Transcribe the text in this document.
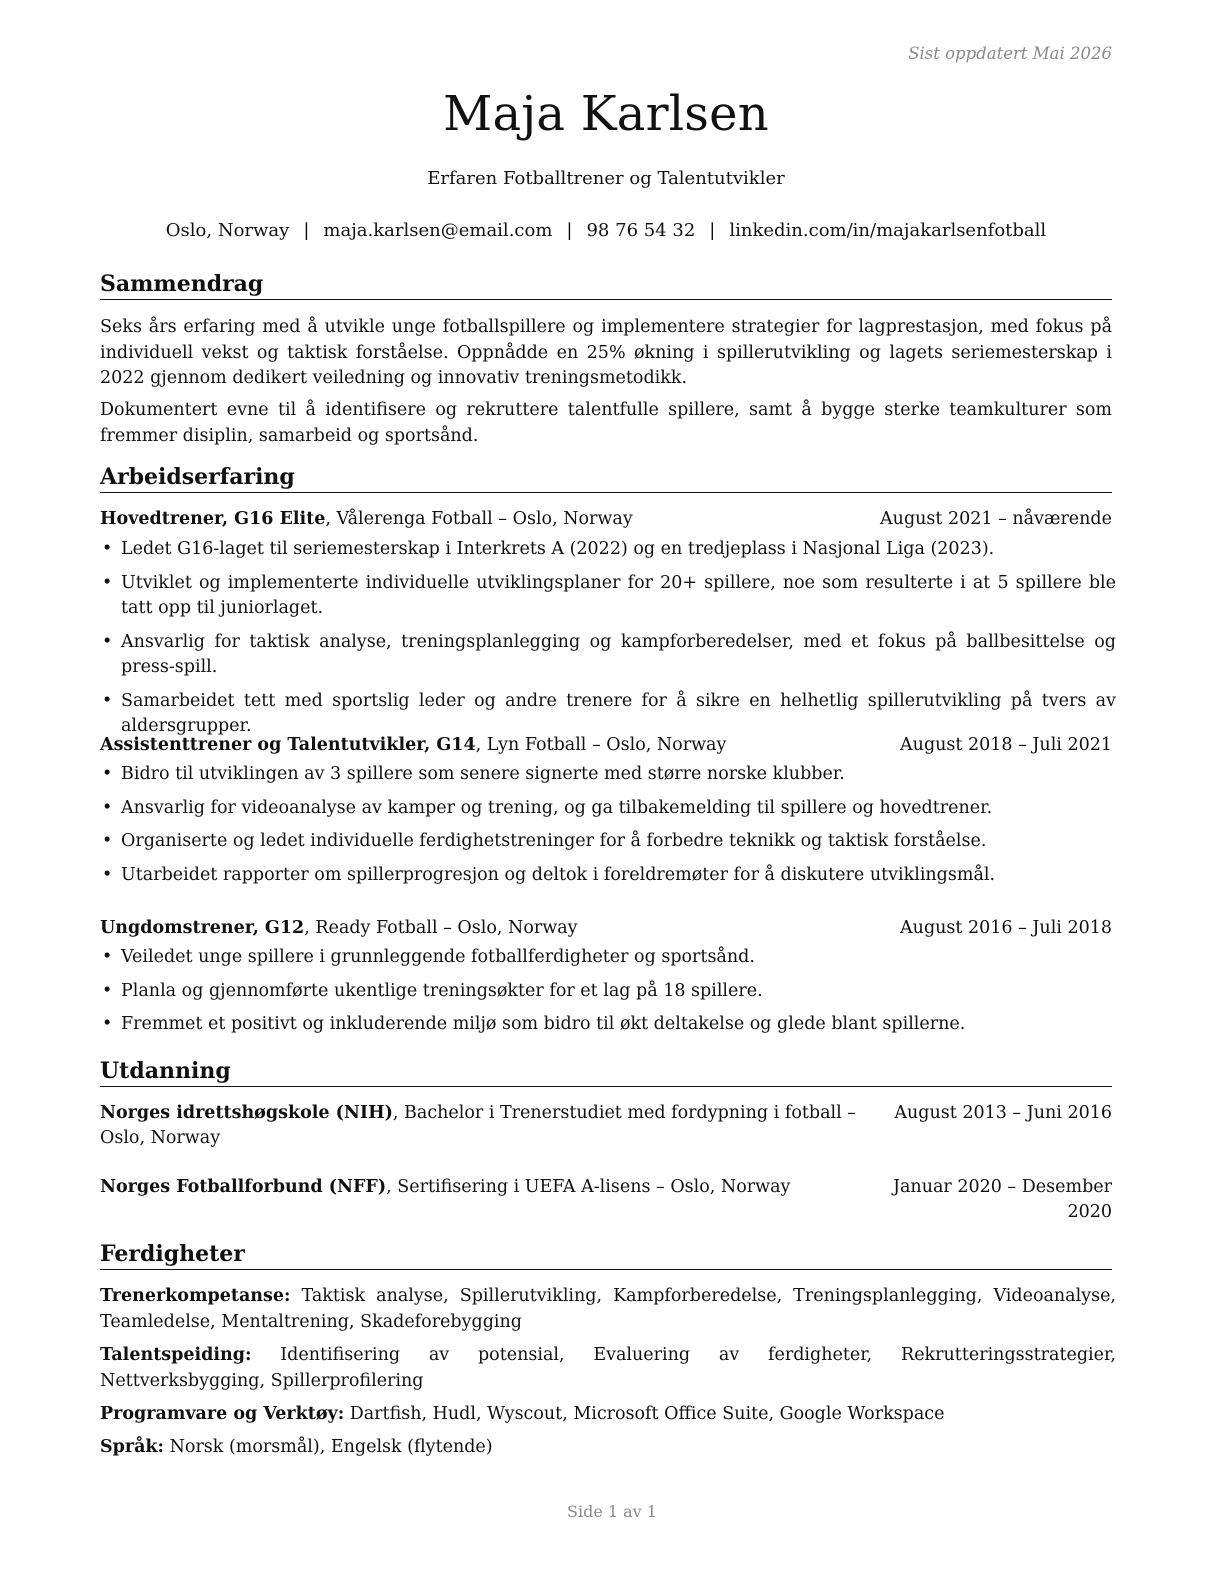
Sist oppdatert Mai 2026
Maja Karlsen
Erfaren Fotballtrener og Talentutvikler
Oslo, Norway | maja.karlsen@email.com | 98 76 54 32 | linkedin.com/in/majakarlsenfotball
Sammendrag

Seks års erfaring med å utvikle unge fotballspillere og implementere strategier for lagprestasjon, med fokus på individuell vekst og taktisk forståelse. Oppnådde en 25% økning i spillerutvikling og lagets seriemesterskap i 2022 gjennom dedikert veiledning og innovativ treningsmetodikk.

Dokumentert evne til å identifisere og rekruttere talentfulle spillere, samt å bygge sterke teamkulturer som fremmer disiplin, samarbeid og sportsånd.

Arbeidserfaring
Hovedtrener, G16 Elite, Vålerenga Fotball – Oslo, Norway	August 2021 – nåværende
• Ledet G16-laget til seriemesterskap i Interkrets A (2022) og en tredjeplass i Nasjonal Liga (2023).
• Utviklet og implementerte individuelle utviklingsplaner for 20+ spillere, noe som resulterte i at 5 spillere ble tatt opp til juniorlaget.
• Ansvarlig for taktisk analyse, treningsplanlegging og kampforberedelser, med et fokus på ballbesittelse og press-spill.
• Samarbeidet tett med sportslig leder og andre trenere for å sikre en helhetlig spillerutvikling på tvers av aldersgrupper.
Assistenttrener og Talentutvikler, G14, Lyn Fotball – Oslo, Norway	August 2018 – Juli 2021
• Bidro til utviklingen av 3 spillere som senere signerte med større norske klubber.
• Ansvarlig for videoanalyse av kamper og trening, og ga tilbakemelding til spillere og hovedtrener.
• Organiserte og ledet individuelle ferdighetstreninger for å forbedre teknikk og taktisk forståelse.
• Utarbeidet rapporter om spillerprogresjon og deltok i foreldremøter for å diskutere utviklingsmål.
Ungdomstrener, G12, Ready Fotball – Oslo, Norway	August 2016 – Juli 2018
• Veiledet unge spillere i grunnleggende fotballferdigheter og sportsånd.
• Planla og gjennomførte ukentlige treningsøkter for et lag på 18 spillere.
• Fremmet et positivt og inkluderende miljø som bidro til økt deltakelse og glede blant spillerne.
Utdanning
Norges idrettshøgskole (NIH), Bachelor i Trenerstudiet med fordypning i fotball – Oslo, Norway
August 2013 – Juni 2016
Norges Fotballforbund (NFF), Sertifisering i UEFA A-lisens – Oslo, Norway	Januar 2020 – Desember 2020
Ferdigheter

Trenerkompetanse: Taktisk analyse, Spillerutvikling, Kampforberedelse, Treningsplanlegging, Videoanalyse, Teamledelse, Mentaltrening, Skadeforebygging

Talentspeiding: Identifisering av potensial, Evaluering av ferdigheter, Rekrutteringsstrategier, Nettverksbygging, Spillerprofilering

Programvare og Verktøy: Dartfish, Hudl, Wyscout, Microsoft Office Suite, Google Workspace

Språk: Norsk (morsmål), Engelsk (flytende)

Side 1 av 1
